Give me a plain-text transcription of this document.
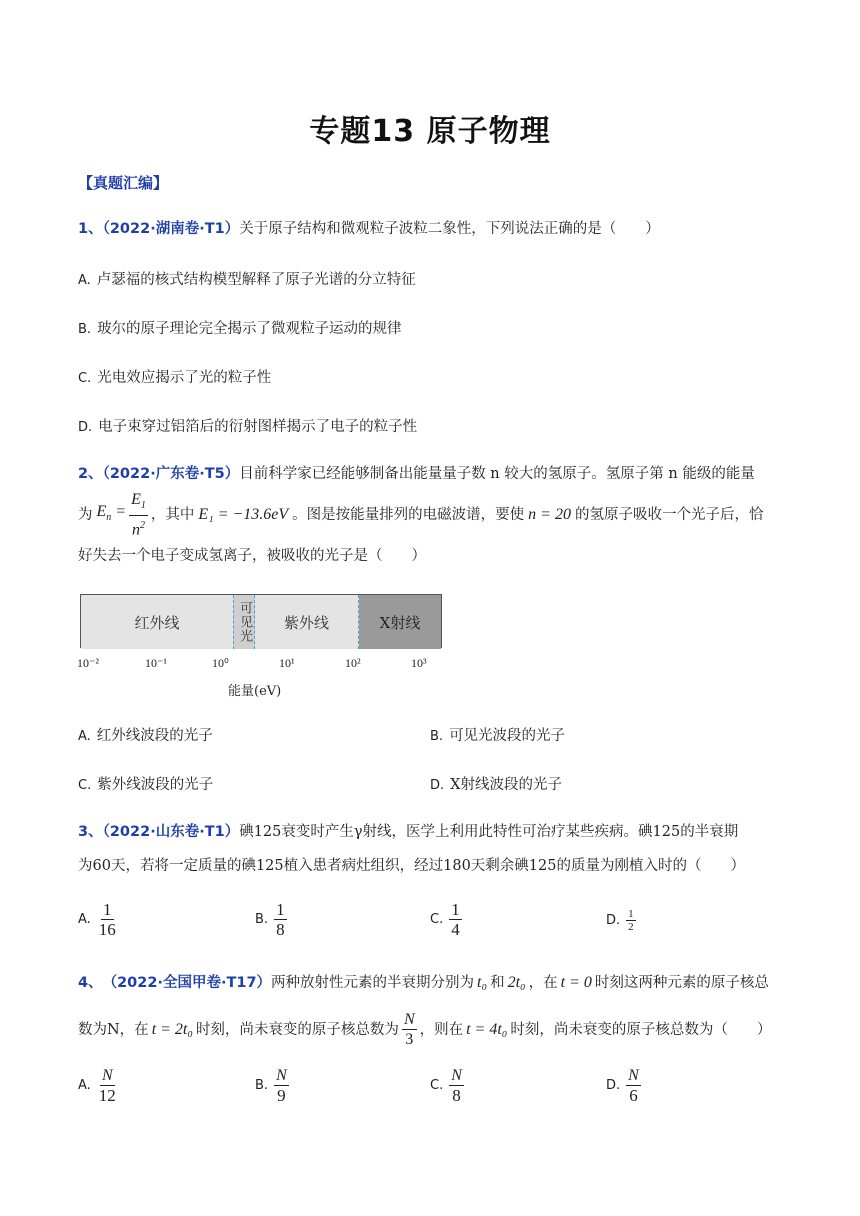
专题13 原子物理
【真题汇编】
1、（2022·湖南卷·T1）关于原子结构和微观粒子波粒二象性，下列说法正确的是（　　）
A. 卢瑟福的核式结构模型解释了原子光谱的分立特征
B. 玻尔的原子理论完全揭示了微观粒子运动的规律
C. 光电效应揭示了光的粒子性
D. 电子束穿过铝箔后的衍射图样揭示了电子的粒子性
2、（2022·广东卷·T5）目前科学家已经能够制备出能量量子数 n 较大的氢原子。氢原子第 n 能级的能量
为 $E_n = \frac{E_1}{n^2}$ ，其中 E₁ = −13.6eV 。图是按能量排列的电磁波谱，要使 n = 20 的氢原子吸收一个光子后，恰
好失去一个电子变成氢离子，被吸收的光子是（　　）
红外线	可见光	紫外线	X射线
10⁻²	10⁻¹	10⁰	10¹	10²	10³
能量(eV)
A. 红外线波段的光子	B. 可见光波段的光子
C. 紫外线波段的光子	D. X射线波段的光子
3、（2022·山东卷·T1）碘125衰变时产生γ射线，医学上利用此特性可治疗某些疾病。碘125的半衰期
为60天，若将一定质量的碘125植入患者病灶组织，经过180天剩余碘125的质量为刚植入时的（　　）
A. $\frac{1}{16}$	B. $\frac{1}{8}$	C. $\frac{1}{4}$	D. $\frac{1}{2}$
4、 （2022·全国甲卷·T17） 两种放射性元素的半衰期分别为 t₀ 和 2t₀ ，在 t = 0 时刻这两种元素的原子核总
数为N，在 t = 2t₀ 时刻，尚未衰变的原子核总数为 $\frac{N}{3}$ ，则在 t = 4t₀ 时刻，尚未衰变的原子核总数为（　　）
A. $\frac{N}{12}$	B. $\frac{N}{9}$	C. $\frac{N}{8}$	D. $\frac{N}{6}$
